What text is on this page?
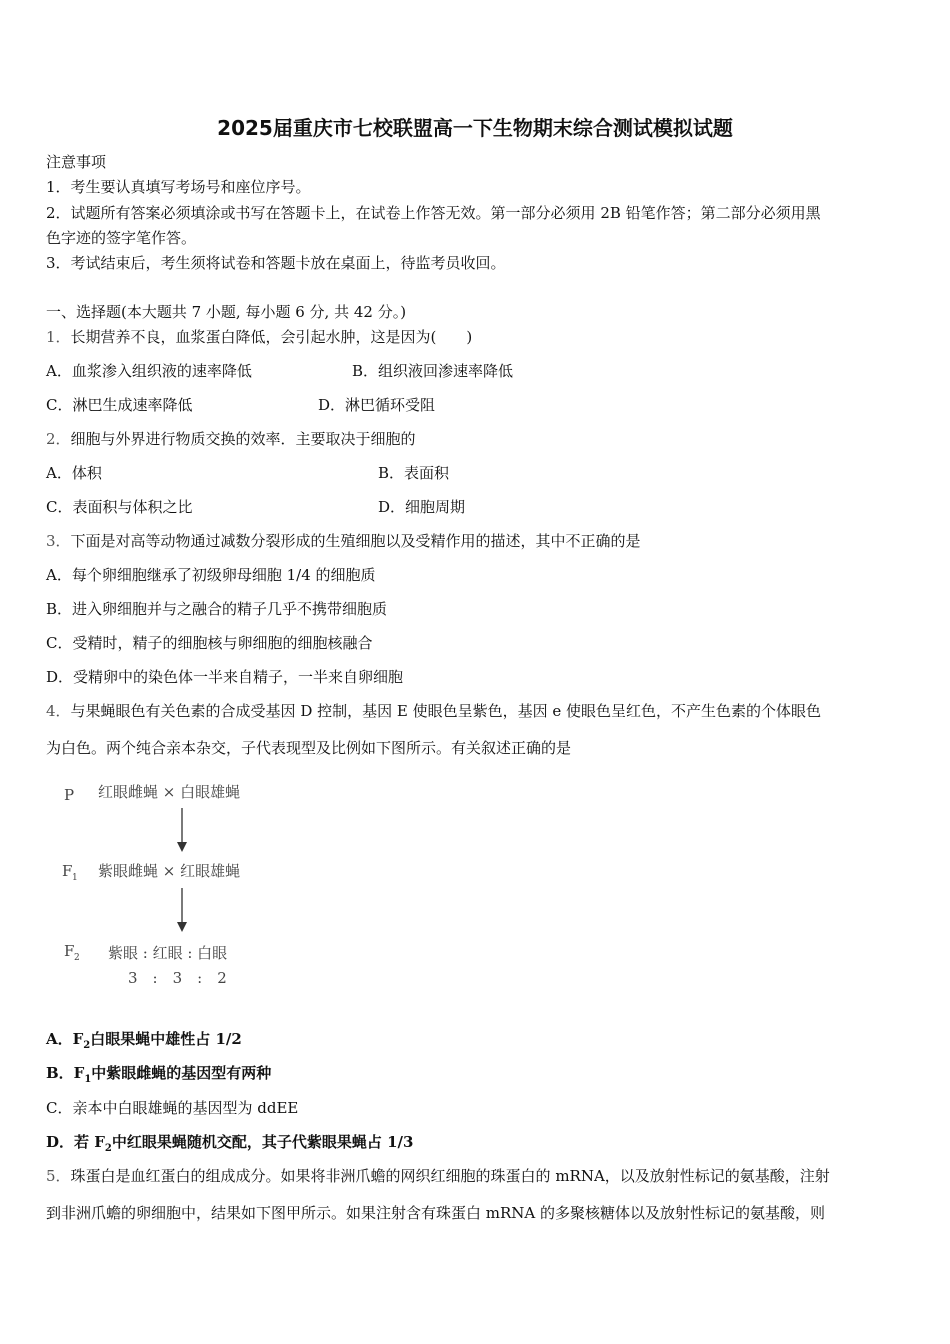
2025届重庆市七校联盟高一下生物期末综合测试模拟试题
注意事项
1．考生要认真填写考场号和座位序号。
2．试题所有答案必须填涂或书写在答题卡上，在试卷上作答无效。第一部分必须用 2B 铅笔作答；第二部分必须用黑
色字迹的签字笔作答。
3．考试结束后，考生须将试卷和答题卡放在桌面上，待监考员收回。
一、选择题(本大题共 7 小题, 每小题 6 分, 共 42 分。)
1．长期营养不良，血浆蛋白降低，会引起水肿，这是因为(　　)
A．血浆渗入组织液的速率降低	B．组织液回渗速率降低
C．淋巴生成速率降低	D．淋巴循环受阻
2．细胞与外界进行物质交换的效率．主要取决于细胞的
A．体积	B．表面积
C．表面积与体积之比	D．细胞周期
3．下面是对高等动物通过减数分裂形成的生殖细胞以及受精作用的描述，其中不正确的是
A．每个卵细胞继承了初级卵母细胞 1/4 的细胞质
B．进入卵细胞并与之融合的精子几乎不携带细胞质
C．受精时，精子的细胞核与卵细胞的细胞核融合
D．受精卵中的染色体一半来自精子，一半来自卵细胞
4．与果蝇眼色有关色素的合成受基因 D 控制，基因 E 使眼色呈紫色，基因 e 使眼色呈红色，不产生色素的个体眼色
为白色。两个纯合亲本杂交，子代表现型及比例如下图所示。有关叙述正确的是
P 红眼雌蝇 × 白眼雄蝇
F 1 紫眼雌蝇 × 红眼雄蝇
F 2 紫眼 : 红眼 : 白眼
3　:　3　:　2
A．$F_2$白眼果蝇中雄性占 1/2
B．$F_1$中紫眼雌蝇的基因型有两种
C．亲本中白眼雄蝇的基因型为 ddEE
D．若 $F_2$中红眼果蝇随机交配，其子代紫眼果蝇占 1/3
5．珠蛋白是血红蛋白的组成成分。如果将非洲爪蟾的网织红细胞的珠蛋白的 mRNA，以及放射性标记的氨基酸，注射
到非洲爪蟾的卵细胞中，结果如下图甲所示。如果注射含有珠蛋白 mRNA 的多聚核糖体以及放射性标记的氨基酸，则
